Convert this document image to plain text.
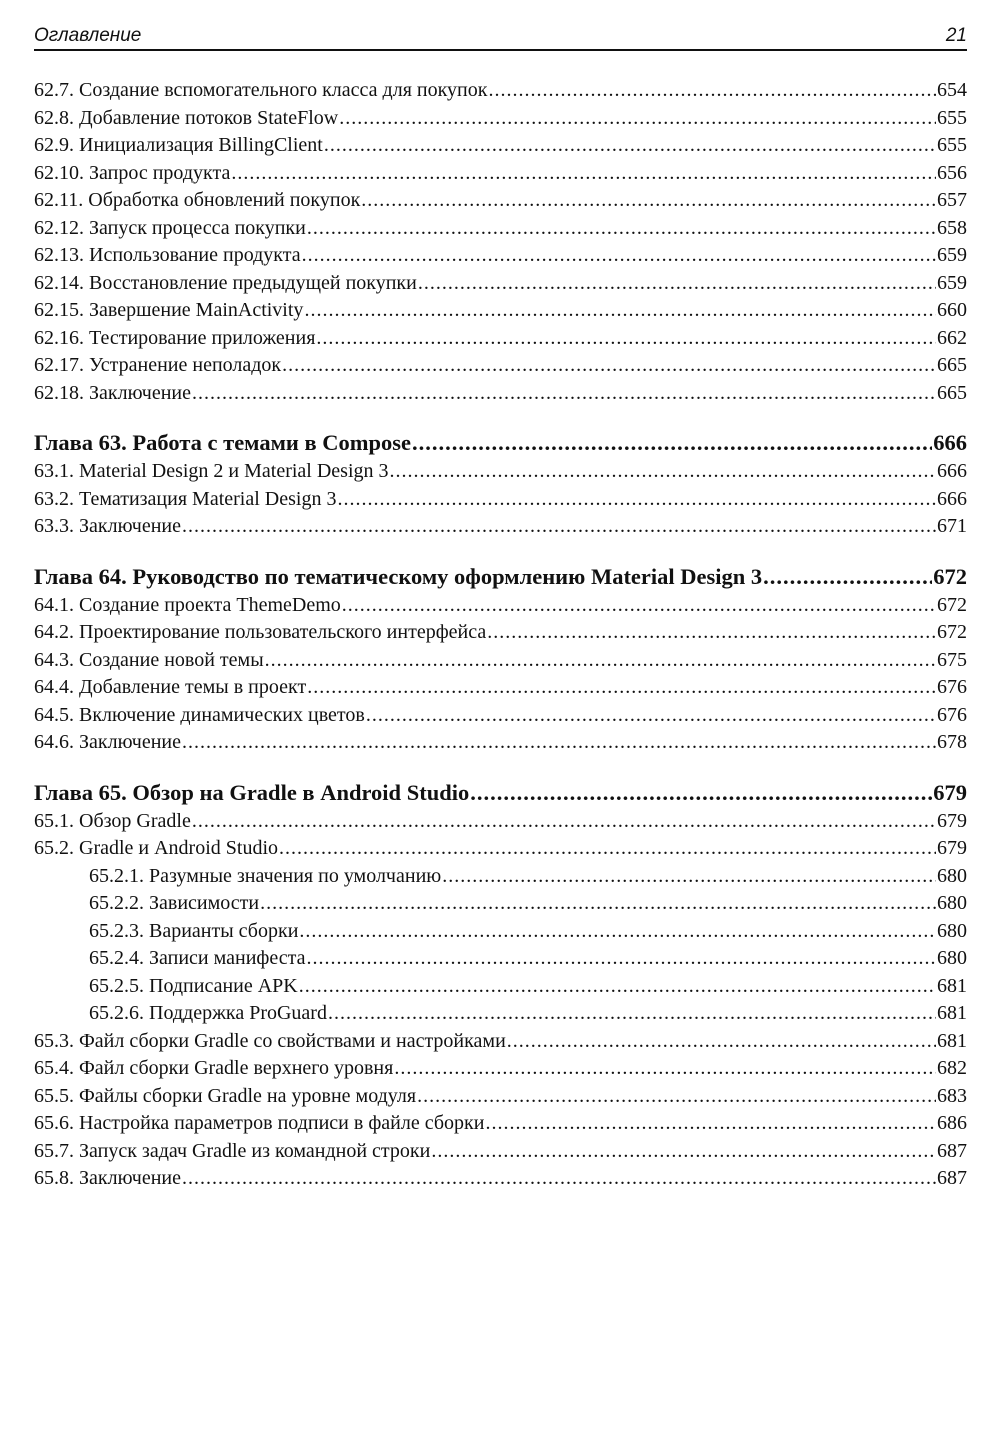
Оглавление	21
62.7. Создание вспомогательного класса для покупок .....	654
62.8. Добавление потоков StateFlow .....	655
62.9. Инициализация BillingClient .....	655
62.10. Запрос продукта .....	656
62.11. Обработка обновлений покупок .....	657
62.12. Запуск процесса покупки .....	658
62.13. Использование продукта .....	659
62.14. Восстановление предыдущей покупки .....	659
62.15. Завершение MainActivity .....	660
62.16. Тестирование приложения .....	662
62.17. Устранение неполадок .....	665
62.18. Заключение .....	665
Глава 63. Работа с темами в Compose .....	666
63.1. Material Design 2 и Material Design 3 .....	666
63.2. Тематизация Material Design 3 .....	666
63.3. Заключение .....	671
Глава 64. Руководство по тематическому оформлению Material Design 3 .....	672
64.1. Создание проекта ThemeDemo .....	672
64.2. Проектирование пользовательского интерфейса .....	672
64.3. Создание новой темы .....	675
64.4. Добавление темы в проект .....	676
64.5. Включение динамических цветов .....	676
64.6. Заключение .....	678
Глава 65. Обзор на Gradle в Android Studio .....	679
65.1. Обзор Gradle .....	679
65.2. Gradle и Android Studio .....	679
65.2.1. Разумные значения по умолчанию .....	680
65.2.2. Зависимости .....	680
65.2.3. Варианты сборки .....	680
65.2.4. Записи манифеста .....	680
65.2.5. Подписание APK .....	681
65.2.6. Поддержка ProGuard .....	681
65.3. Файл сборки Gradle со свойствами и настройками .....	681
65.4. Файл сборки Gradle верхнего уровня .....	682
65.5. Файлы сборки Gradle на уровне модуля .....	683
65.6. Настройка параметров подписи в файле сборки .....	686
65.7. Запуск задач Gradle из командной строки .....	687
65.8. Заключение .....	687
